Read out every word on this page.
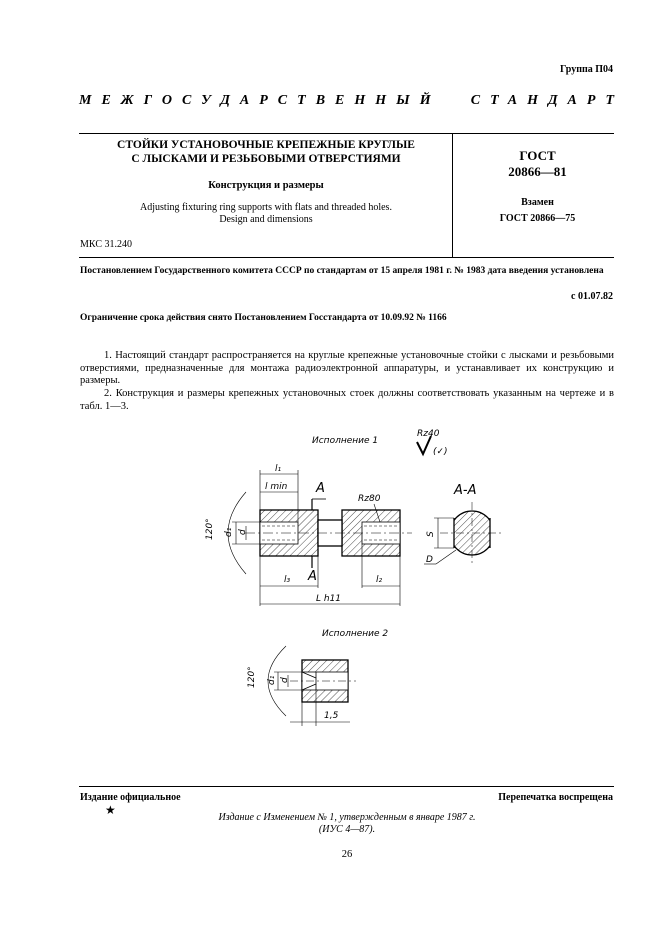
Группа П04
МЕЖГОСУДАРСТВЕННЫЙ СТАНДАРТ
СТОЙКИ УСТАНОВОЧНЫЕ КРЕПЕЖНЫЕ КРУГЛЫЕ
С ЛЫСКАМИ И РЕЗЬБОВЫМИ ОТВЕРСТИЯМИ
Конструкция и размеры
Adjusting fixturing ring supports with flats and threaded holes.
Design and dimensions
ГОСТ
20866—81
Взамен
ГОСТ 20866—75
МКС 31.240
Постановлением Государственного комитета СССР по стандартам от 15 апреля 1981 г. № 1983 дата введения установлена
с 01.07.82
Ограничение срока действия снято Постановлением Госстандарта от 10.09.92 № 1166
1. Настоящий стандарт распространяется на круглые крепежные установочные стойки с лысками и резьбовыми отверстиями, предназначенные для монтажа радиоэлектронной аппаратуры, и устанавливает их конструкцию и размеры.
2. Конструкция и размеры крепежных установочных стоек должны соответствовать указанным на чертеже и в табл. 1—3.
Исполнение 1
Rz40
(✓)
l₁
l min A
A
Rz80
l₃	l₂
L h11
120° d₁ d
А-А
S
D
Исполнение 2
120° d₁ d
1,5
Издание официальное
★
Перепечатка воспрещена
Издание с Изменением № 1, утвержденным в январе 1987 г.
(ИУС 4—87).
26
